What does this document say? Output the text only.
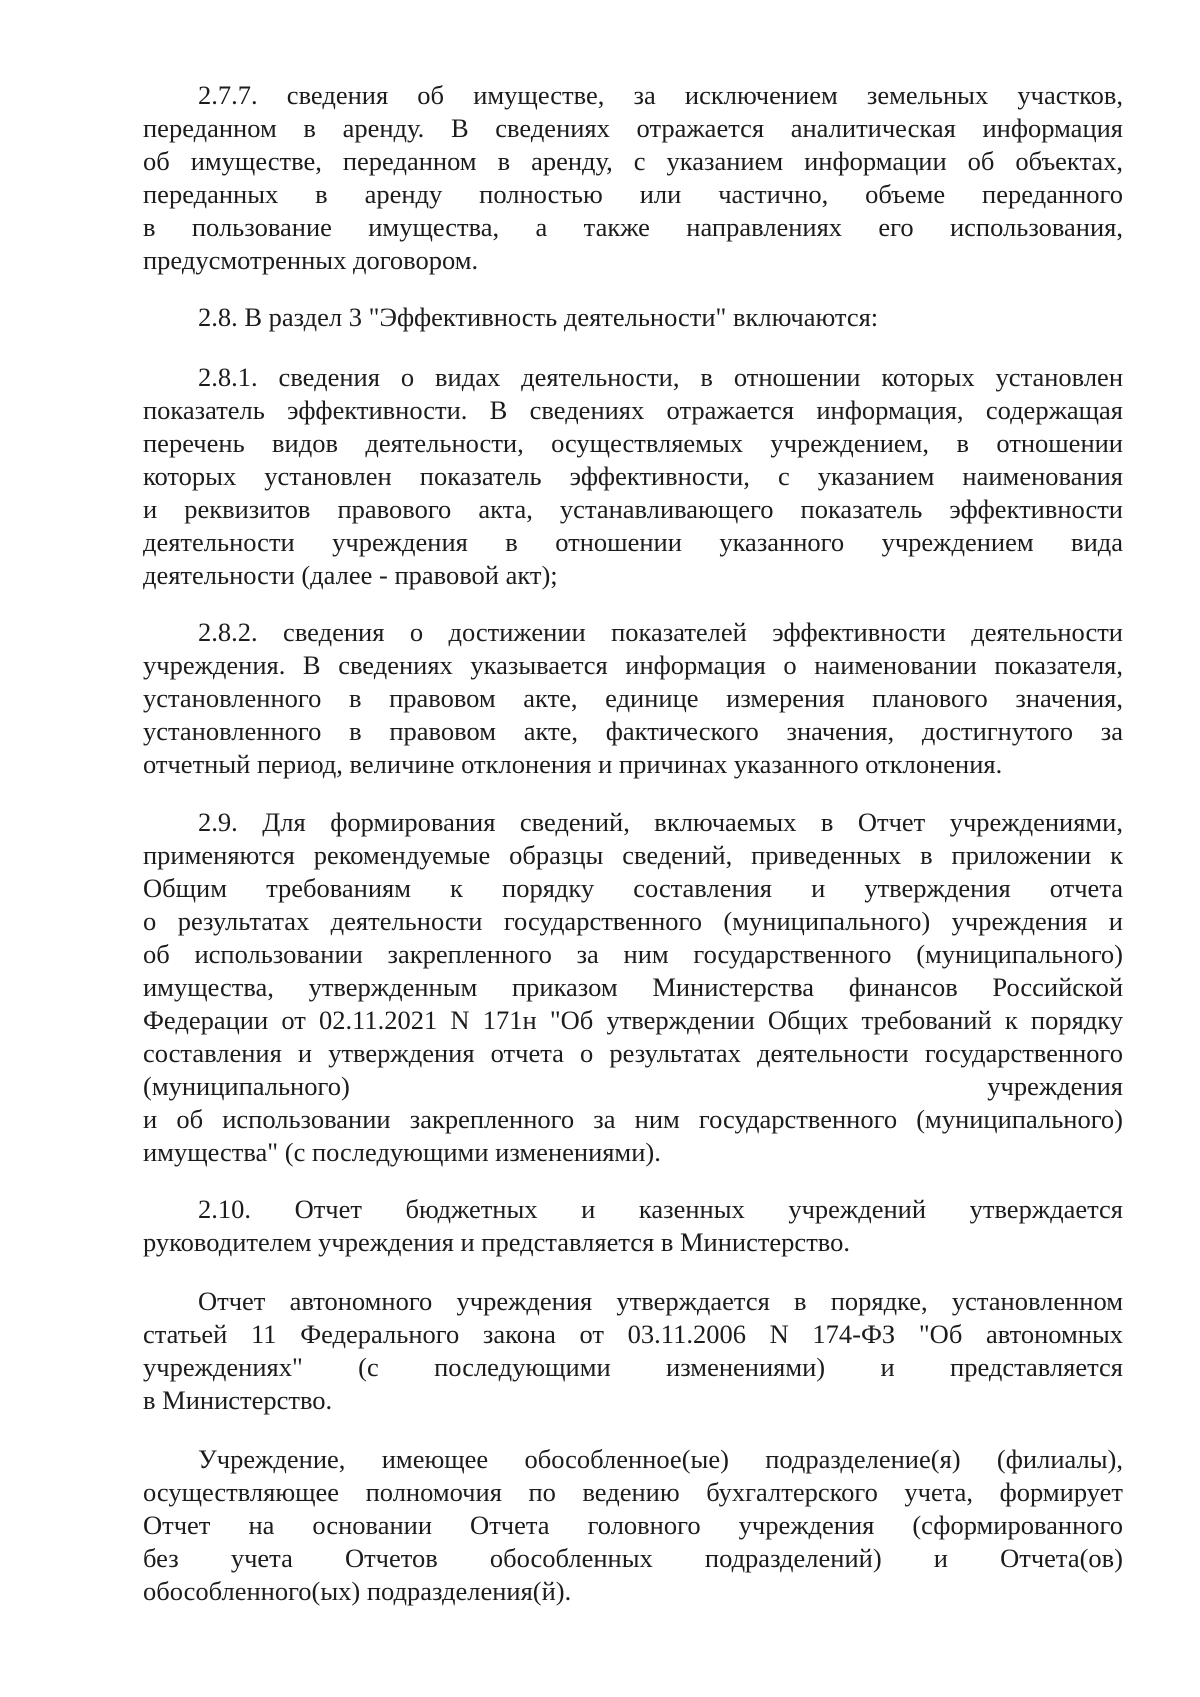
2.7.7. сведения об имуществе, за исключением земельных участков,
переданном в аренду. В сведениях отражается аналитическая информация
об имуществе, переданном в аренду, с указанием информации об объектах,
переданных в аренду полностью или частично, объеме переданного
в пользование имущества, а также направлениях его использования,
предусмотренных договором.
2.8. В раздел 3 "Эффективность деятельности" включаются:
2.8.1. сведения о видах деятельности, в отношении которых установлен
показатель эффективности. В сведениях отражается информация, содержащая
перечень видов деятельности, осуществляемых учреждением, в отношении
которых установлен показатель эффективности, с указанием наименования
и реквизитов правового акта, устанавливающего показатель эффективности
деятельности учреждения в отношении указанного учреждением вида
деятельности (далее - правовой акт);
2.8.2. сведения о достижении показателей эффективности деятельности
учреждения. В сведениях указывается информация о наименовании показателя,
установленного в правовом акте, единице измерения планового значения,
установленного в правовом акте, фактического значения, достигнутого за
отчетный период, величине отклонения и причинах указанного отклонения.
2.9. Для формирования сведений, включаемых в Отчет учреждениями,
применяются рекомендуемые образцы сведений, приведенных в приложении к
Общим требованиям к порядку составления и утверждения отчета
о результатах деятельности государственного (муниципального) учреждения и
об использовании закрепленного за ним государственного (муниципального)
имущества, утвержденным приказом Министерства финансов Российской
Федерации от 02.11.2021 N 171н "Об утверждении Общих требований к порядку
составления и утверждения отчета о результатах деятельности государственного
(муниципального) учреждения
и об использовании закрепленного за ним государственного (муниципального)
имущества" (с последующими изменениями).
2.10. Отчет бюджетных и казенных учреждений утверждается
руководителем учреждения и представляется в Министерство.
Отчет автономного учреждения утверждается в порядке, установленном
статьей 11 Федерального закона от 03.11.2006 N 174-ФЗ "Об автономных
учреждениях" (с последующими изменениями) и представляется
в Министерство.
Учреждение, имеющее обособленное(ые) подразделение(я) (филиалы),
осуществляющее полномочия по ведению бухгалтерского учета, формирует
Отчет на основании Отчета головного учреждения (сформированного
без учета Отчетов обособленных подразделений) и Отчета(ов)
обособленного(ых) подразделения(й).
